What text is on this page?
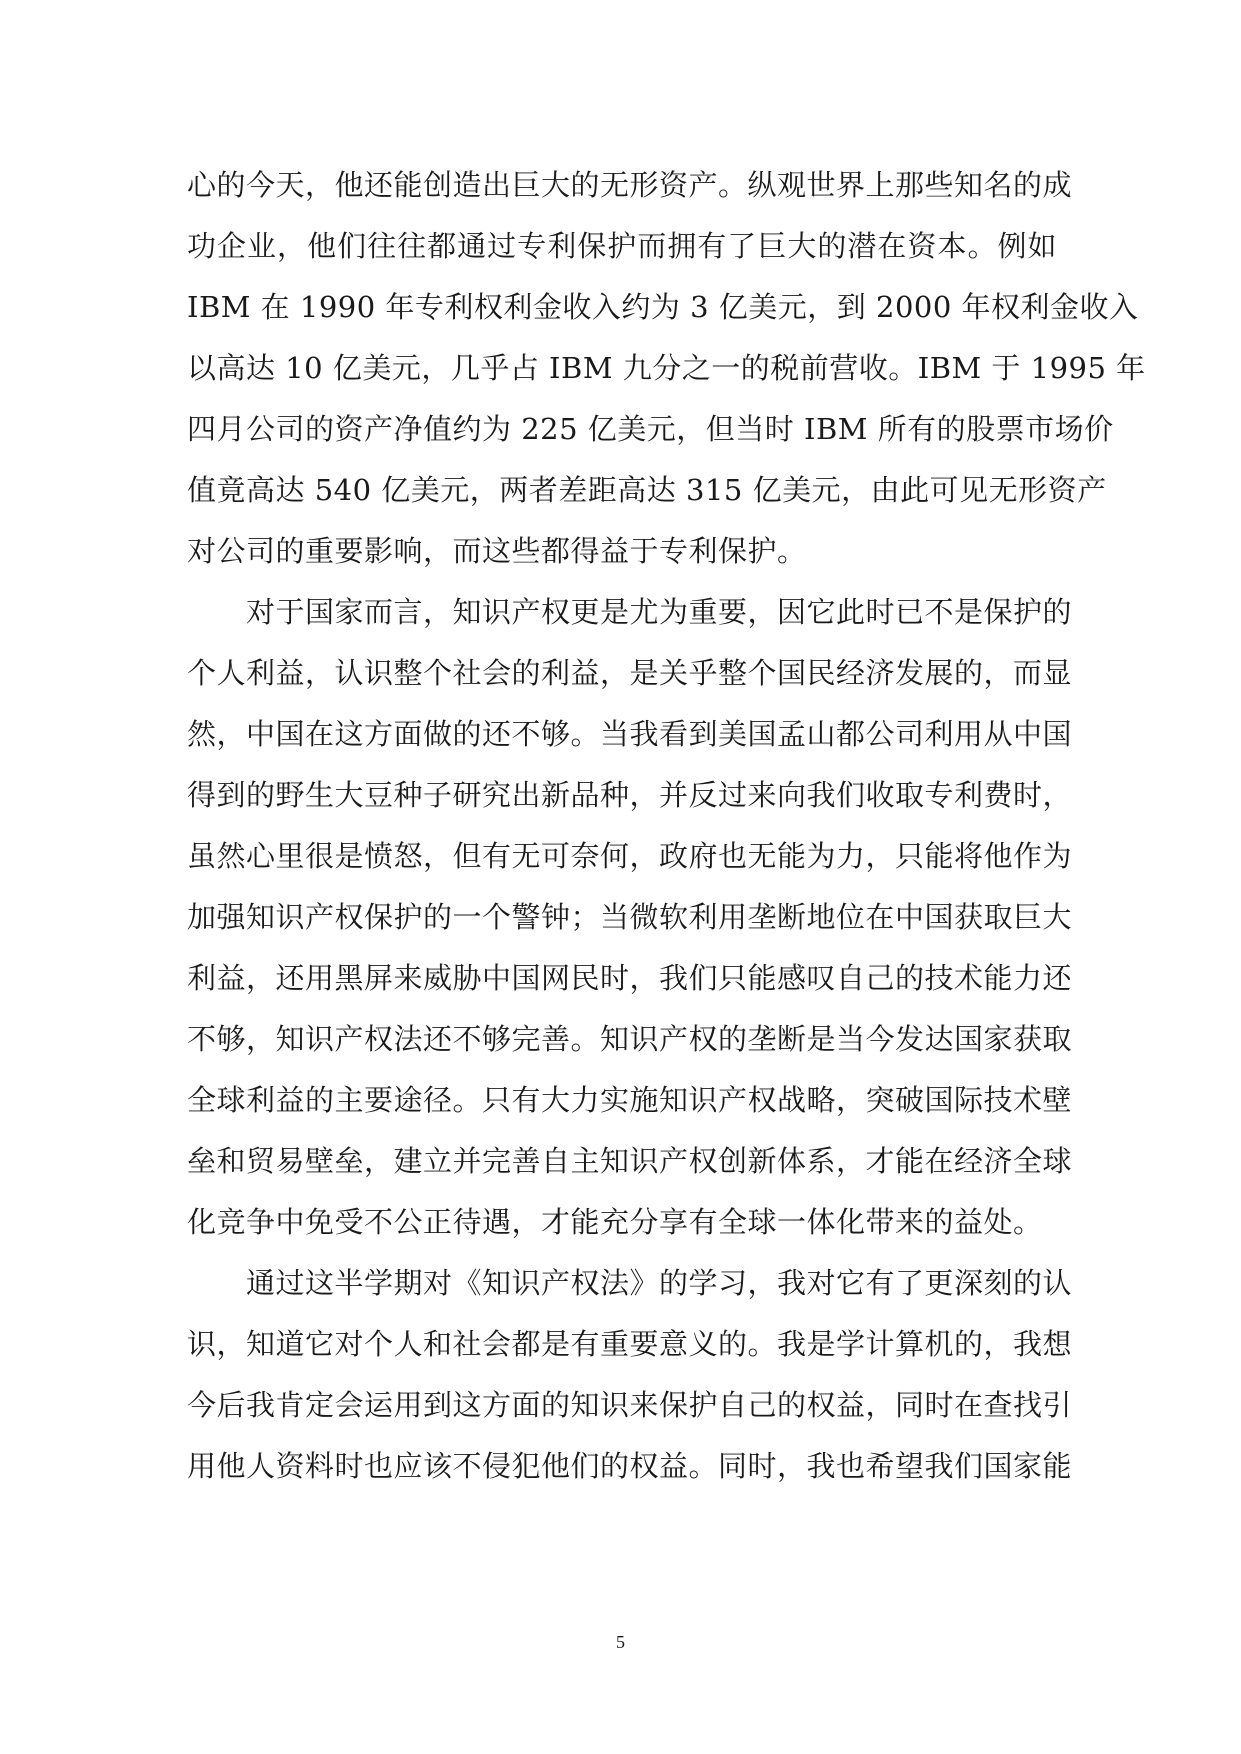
心的今天，他还能创造出巨大的无形资产。纵观世界上那些知名的成
功企业，他们往往都通过专利保护而拥有了巨大的潜在资本。例如
IBM 在 1990 年专利权利金收入约为 3 亿美元，到 2000 年权利金收入
以高达 10 亿美元，几乎占 IBM 九分之一的税前营收。IBM 于 1995 年
四月公司的资产净值约为 225 亿美元，但当时 IBM 所有的股票市场价
值竟高达 540 亿美元，两者差距高达 315 亿美元，由此可见无形资产
对公司的重要影响，而这些都得益于专利保护。
　　对于国家而言，知识产权更是尤为重要，因它此时已不是保护的
个人利益，认识整个社会的利益，是关乎整个国民经济发展的，而显
然，中国在这方面做的还不够。当我看到美国孟山都公司利用从中国
得到的野生大豆种子研究出新品种，并反过来向我们收取专利费时，
虽然心里很是愤怒，但有无可奈何，政府也无能为力，只能将他作为
加强知识产权保护的一个警钟；当微软利用垄断地位在中国获取巨大
利益，还用黑屏来威胁中国网民时，我们只能感叹自己的技术能力还
不够，知识产权法还不够完善。知识产权的垄断是当今发达国家获取
全球利益的主要途径。只有大力实施知识产权战略，突破国际技术壁
垒和贸易壁垒，建立并完善自主知识产权创新体系，才能在经济全球
化竞争中免受不公正待遇，才能充分享有全球一体化带来的益处。
　　通过这半学期对《知识产权法》的学习，我对它有了更深刻的认
识，知道它对个人和社会都是有重要意义的。我是学计算机的，我想
今后我肯定会运用到这方面的知识来保护自己的权益，同时在查找引
用他人资料时也应该不侵犯他们的权益。同时，我也希望我们国家能
5
